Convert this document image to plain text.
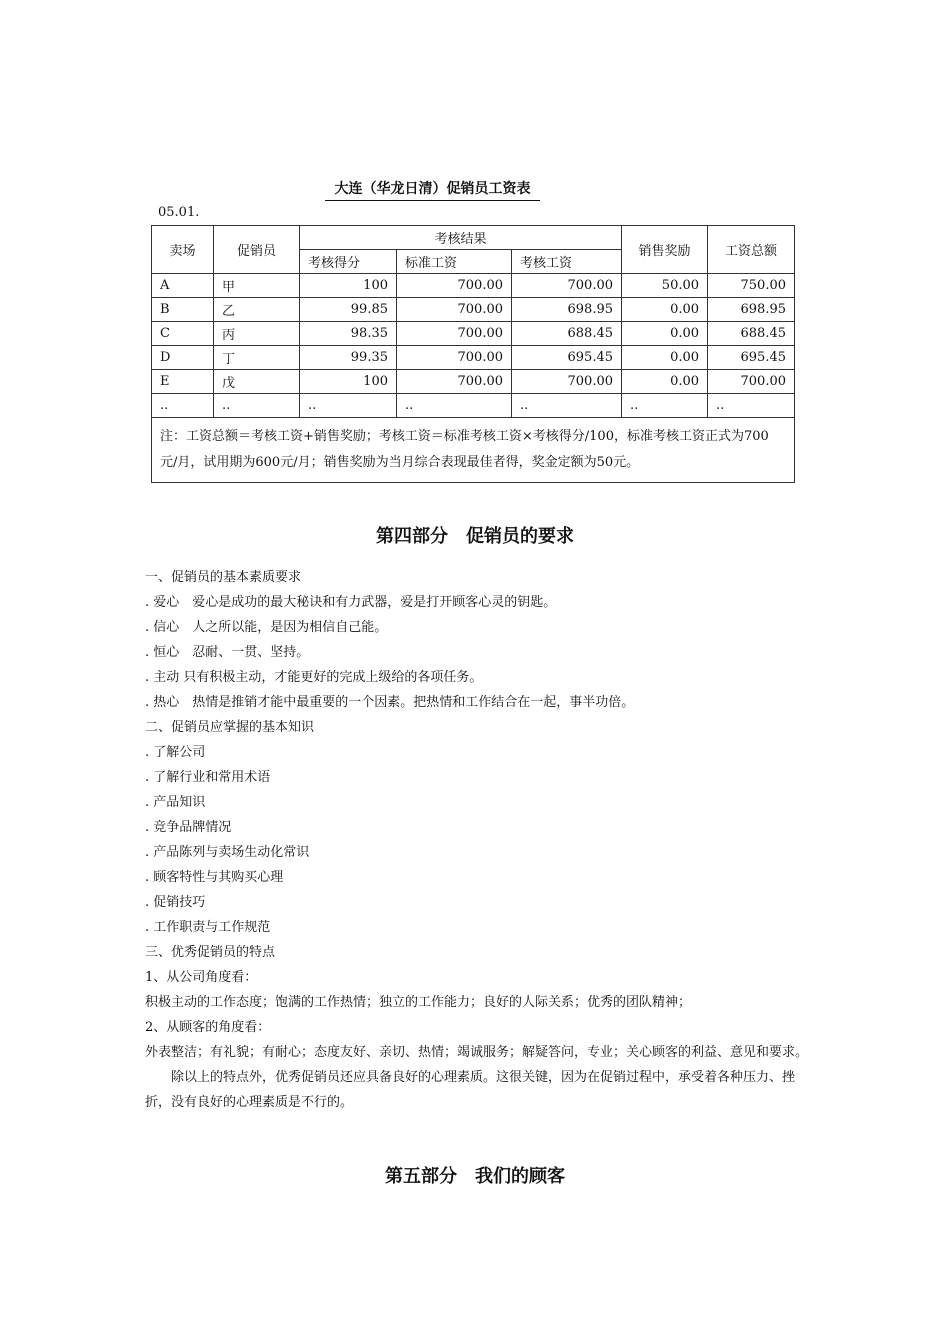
大连（华龙日清）促销员工资表
05.01.
卖场	促销员	考核结果			销售奖励	工资总额
		考核得分	标准工资	考核工资		
A	甲	100	700.00	700.00	50.00	750.00
B	乙	99.85	700.00	698.95	0.00	698.95
C	丙	98.35	700.00	688.45	0.00	688.45
D	丁	99.35	700.00	695.45	0.00	695.45
E	戊	100	700.00	700.00	0.00	700.00
..	..	..	..	..	..	..
注：工资总额＝考核工资+销售奖励；考核工资＝标准考核工资×考核得分/100，标准考核工资正式为700元/月，试用期为600元/月；销售奖励为当月综合表现最佳者得，奖金定额为50元。						
第四部分　促销员的要求
一、促销员的基本素质要求
. 爱心　爱心是成功的最大秘诀和有力武器，爱是打开顾客心灵的钥匙。
. 信心　人之所以能，是因为相信自己能。
. 恒心　忍耐、一贯、坚持。
. 主动 只有积极主动，才能更好的完成上级给的各项任务。
. 热心　热情是推销才能中最重要的一个因素。把热情和工作结合在一起，事半功倍。
二、促销员应掌握的基本知识
. 了解公司
. 了解行业和常用术语
. 产品知识
. 竞争品牌情况
. 产品陈列与卖场生动化常识
. 顾客特性与其购买心理
. 促销技巧
. 工作职责与工作规范
三、优秀促销员的特点
1、从公司角度看：
积极主动的工作态度；饱满的工作热情；独立的工作能力；良好的人际关系；优秀的团队精神；
2、从顾客的角度看：
外表整洁；有礼貌；有耐心；态度友好、亲切、热情；竭诚服务；解疑答问，专业；关心顾客的利益、意见和要求。
除以上的特点外，优秀促销员还应具备良好的心理素质。这很关键，因为在促销过程中，承受着各种压力、挫折，没有良好的心理素质是不行的。
第五部分　我们的顾客
